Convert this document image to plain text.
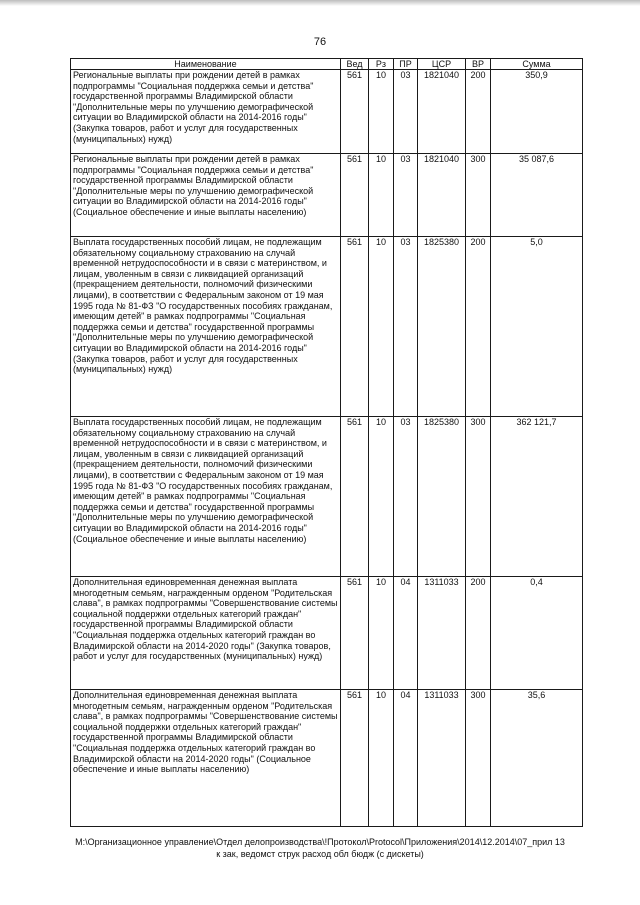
76
Наименование	Вед	Рз	ПР	ЦСР	ВР	Сумма
Региональные выплаты при рождении детей в рамках подпрограммы "Социальная поддержка семьи и детства" государственной программы Владимирской области "Дополнительные меры по улучшению демографической ситуации во Владимирской области на 2014-2016 годы" (Закупка товаров, работ и услуг для государственных (муниципальных) нужд)	561	10	03	1821040	200	350,9
Региональные выплаты при рождении детей в рамках подпрограммы "Социальная поддержка семьи и детства" государственной программы Владимирской области "Дополнительные меры по улучшению демографической ситуации во Владимирской области на 2014-2016 годы" (Социальное обеспечение и иные выплаты населению)	561	10	03	1821040	300	35 087,6
Выплата государственных пособий лицам, не подлежащим обязательному социальному страхованию на случай временной нетрудоспособности и в связи с материнством, и лицам, уволенным в связи с ликвидацией организаций (прекращением деятельности, полномочий физическими лицами), в соответствии с Федеральным законом от 19 мая 1995 года № 81-ФЗ "О государственных пособиях гражданам, имеющим детей" в рамках подпрограммы "Социальная поддержка семьи и детства" государственной программы "Дополнительные меры по улучшению демографической ситуации во Владимирской области на 2014-2016 годы" (Закупка товаров, работ и услуг для государственных (муниципальных) нужд)	561	10	03	1825380	200	5,0
Выплата государственных пособий лицам, не подлежащим обязательному социальному страхованию на случай временной нетрудоспособности и в связи с материнством, и лицам, уволенным в связи с ликвидацией организаций (прекращением деятельности, полномочий физическими лицами), в соответствии с Федеральным законом от 19 мая 1995 года № 81-ФЗ "О государственных пособиях гражданам, имеющим детей" в рамках подпрограммы "Социальная поддержка семьи и детства" государственной программы "Дополнительные меры по улучшению демографической ситуации во Владимирской области на 2014-2016 годы" (Социальное обеспечение и иные выплаты населению)	561	10	03	1825380	300	362 121,7
Дополнительная единовременная денежная выплата многодетным семьям, награжденным орденом "Родительская слава", в рамках подпрограммы "Совершенствование системы социальной поддержки отдельных категорий граждан" государственной программы Владимирской области "Социальная поддержка отдельных категорий граждан во Владимирской области на 2014-2020 годы" (Закупка товаров, работ и услуг для государственных (муниципальных) нужд)	561	10	04	1311033	200	0,4
Дополнительная единовременная денежная выплата многодетным семьям, награжденным орденом "Родительская слава", в рамках подпрограммы "Совершенствование системы социальной поддержки отдельных категорий граждан" государственной программы Владимирской области "Социальная поддержка отдельных категорий граждан во Владимирской области на 2014-2020 годы" (Социальное обеспечение и иные выплаты населению)	561	10	04	1311033	300	35,6
M:\Организационное управление\Отдел делопроизводства\!Протокол\Protocol\Приложения\2014\12.2014\07_прил 13
к зак, ведомст струк расход обл бюдж (с дискеты)
